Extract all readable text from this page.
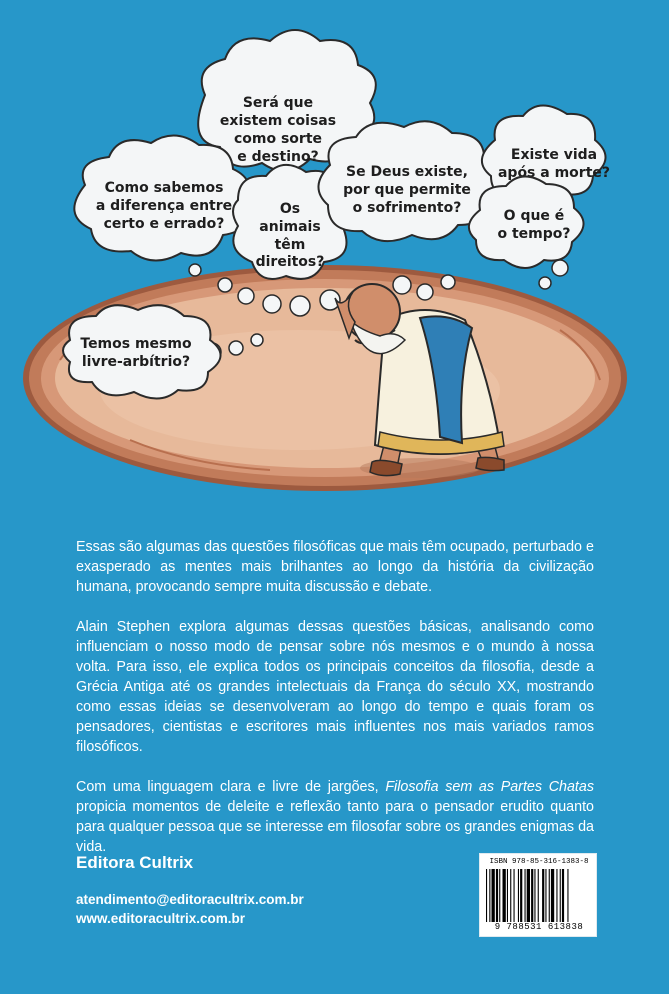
Será que existem coisas como sorte e destino?
Como sabemos a diferença entre certo e errado?
Os animais têm direitos?
Se Deus existe, por que permite o sofrimento?
Existe vida após a morte?
O que é o tempo?
Temos mesmo livre-arbítrio?

Essas são algumas das questões filosóficas que mais têm ocupado, perturbado e exasperado as mentes mais brilhantes ao longo da história da civilização humana, provocando sempre muita discussão e debate.

Alain Stephen explora algumas dessas questões básicas, analisando como influenciam o nosso modo de pensar sobre nós mesmos e o mundo à nossa volta. Para isso, ele explica todos os principais conceitos da filosofia, desde a Grécia Antiga até os grandes intelectuais da França do século XX, mostrando como essas ideias se desenvolveram ao longo do tempo e quais foram os pensadores, cientistas e escritores mais influentes nos mais variados ramos filosóficos.

Com uma linguagem clara e livre de jargões, Filosofia sem as Partes Chatas propicia momentos de deleite e reflexão tanto para o pensador erudito quanto para qualquer pessoa que se interesse em filosofar sobre os grandes enigmas da vida.

Editora Cultrix
atendimento@editoracultrix.com.br
www.editoracultrix.com.br
ISBN 978-85-316-1383-8
9 788531 613838
